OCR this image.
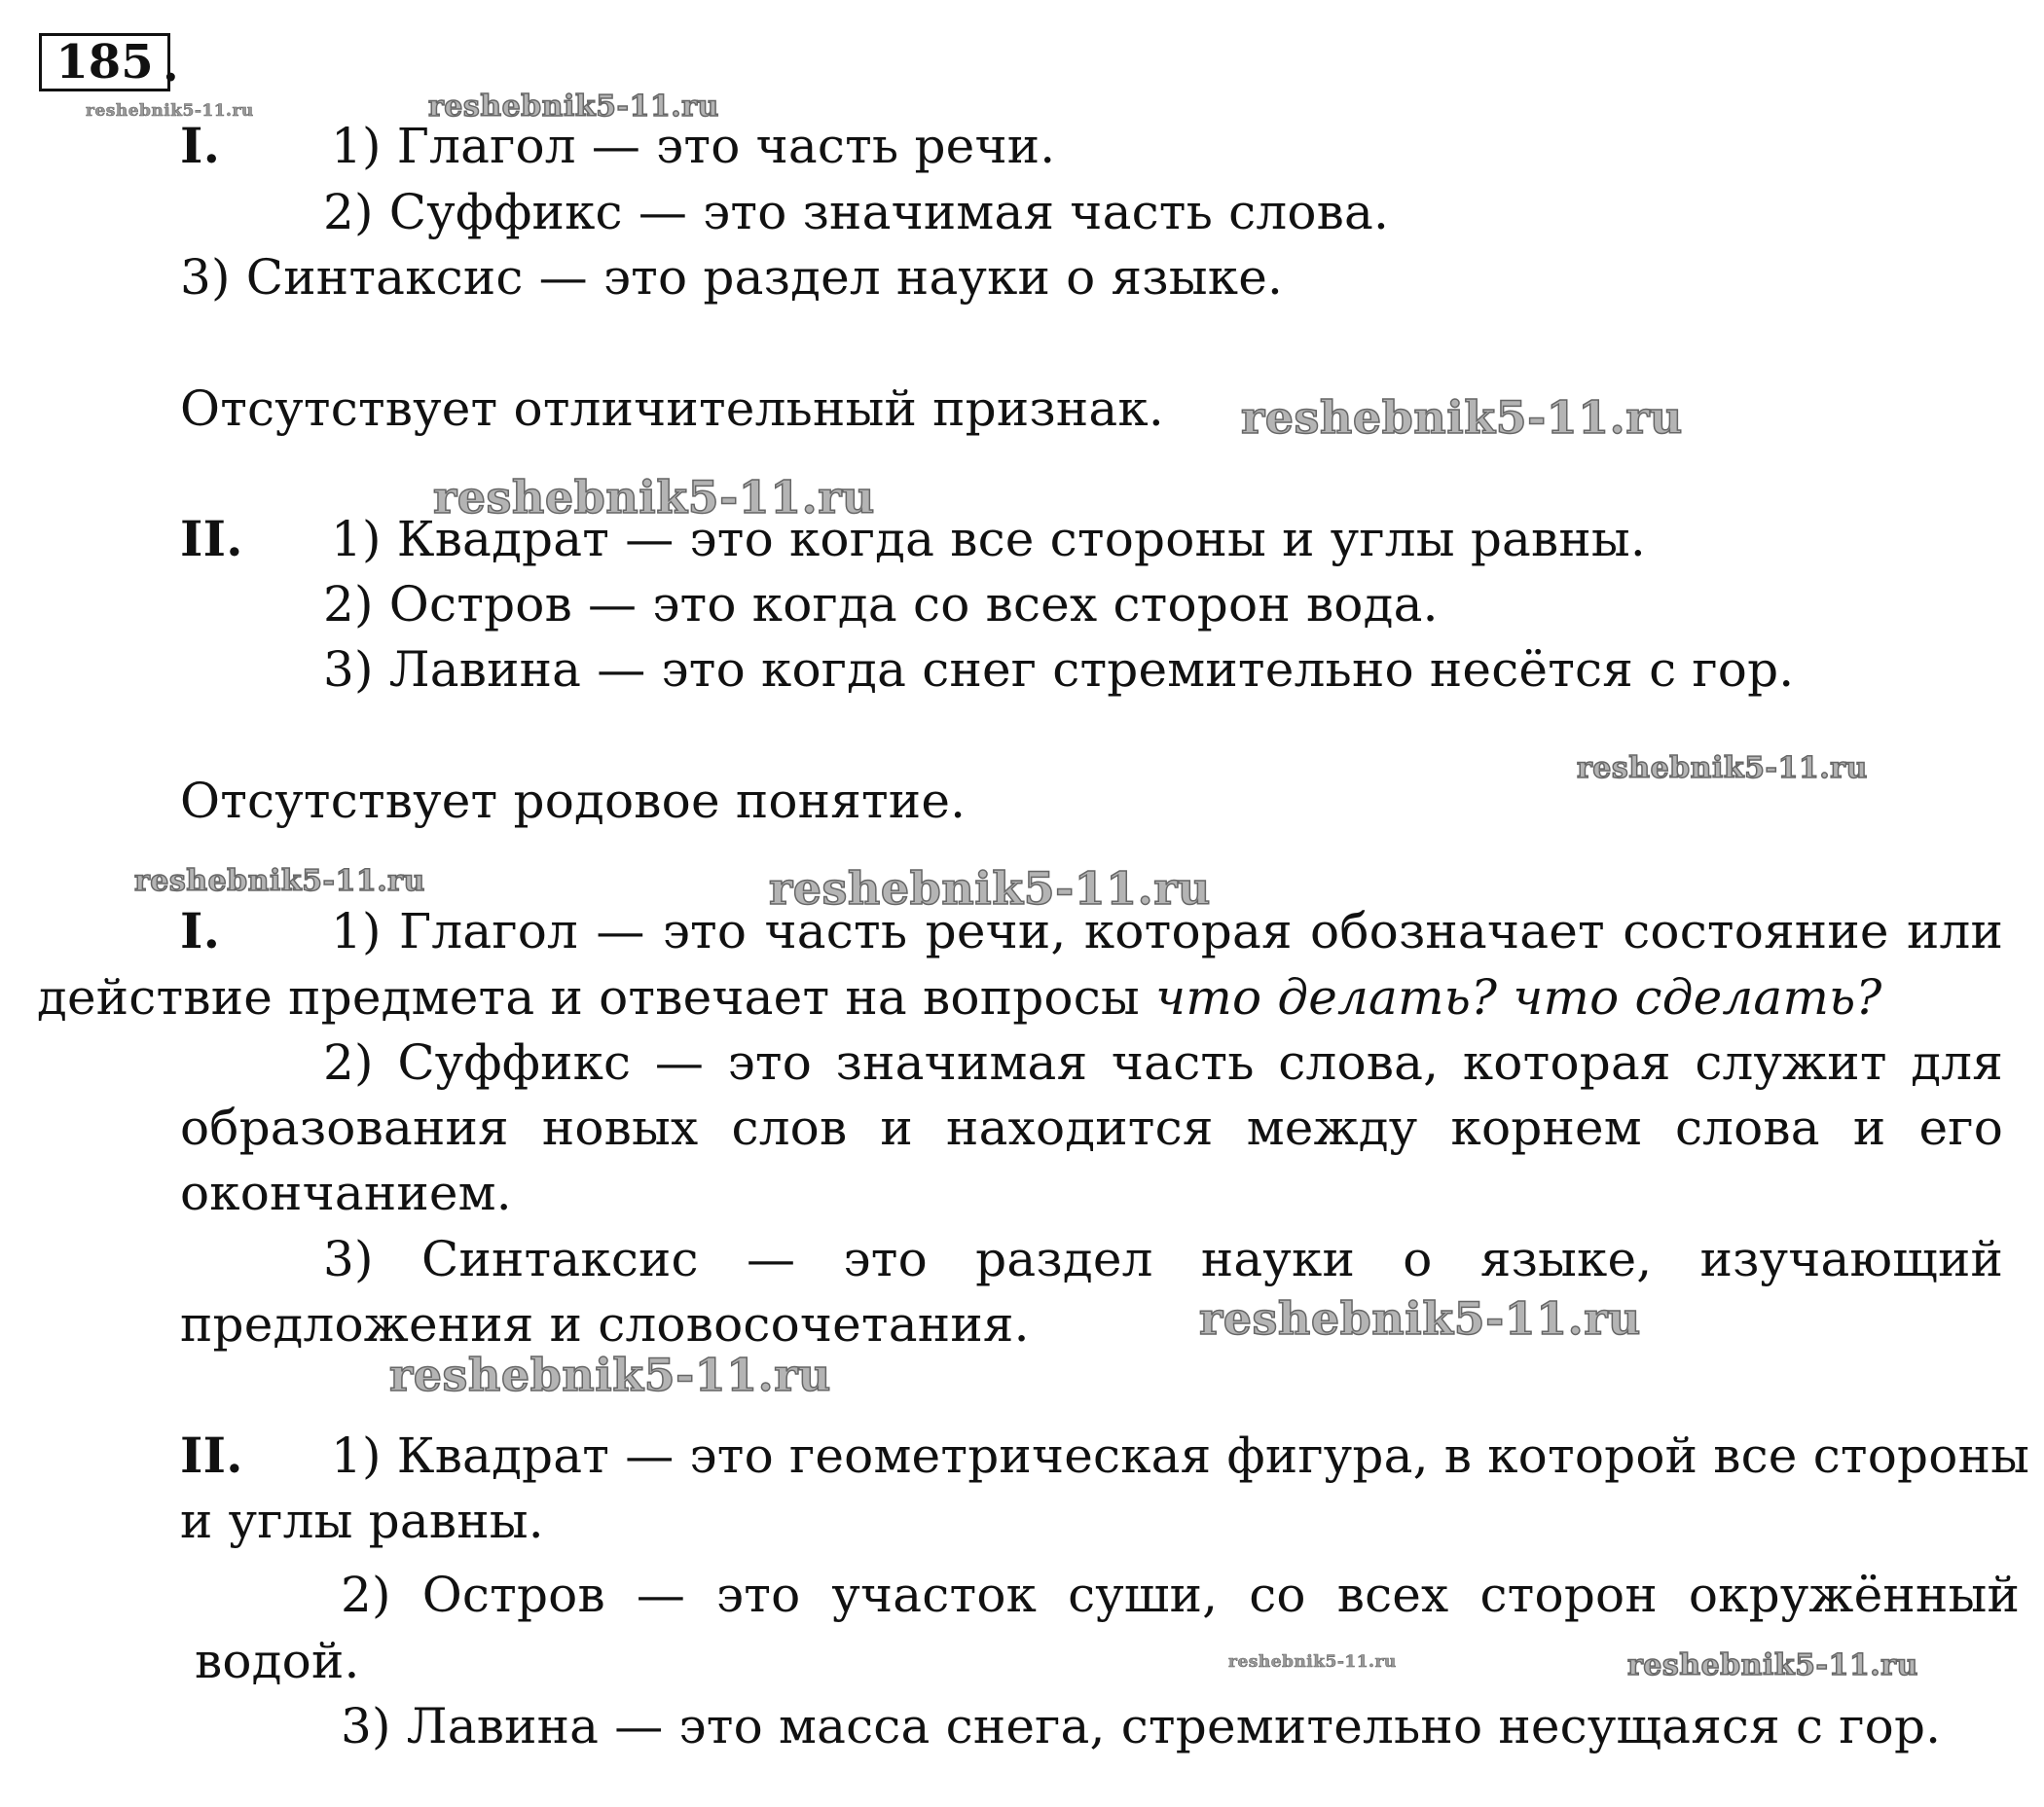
185 .
reshebnik5-11.ru	reshebnik5-11.ru
reshebnik5-11.ru
reshebnik5-11.ru
reshebnik5-11.ru
reshebnik5-11.ru	reshebnik5-11.ru
reshebnik5-11.ru
reshebnik5-11.ru
reshebnik5-11.ru	reshebnik5-11.ru
I. 1) Глагол — это часть речи.
2) Суффикс — это значимая часть слова.
3) Синтаксис — это раздел науки о языке.
Отсутствует отличительный признак.
II. 1) Квадрат — это когда все стороны и углы равны.
2) Остров — это когда со всех сторон вода.
3) Лавина — это когда снег стремительно несётся с гор.
Отсутствует родовое понятие.
I. 1) Глагол — это часть речи, которая обозначает состояние или
действие предмета и отвечает на вопросы что делать? что сделать?
2) Суффикс — это значимая часть слова, которая служит для
образования новых слов и находится между корнем слова и его
окончанием.
3) Синтаксис — это раздел науки о языке, изучающий
предложения и словосочетания.
II. 1) Квадрат — это геометрическая фигура, в которой все стороны
и углы равны.
2) Остров — это участок суши, со всех сторон окружённый
водой.
3) Лавина — это масса снега, стремительно несущаяся с гор.
